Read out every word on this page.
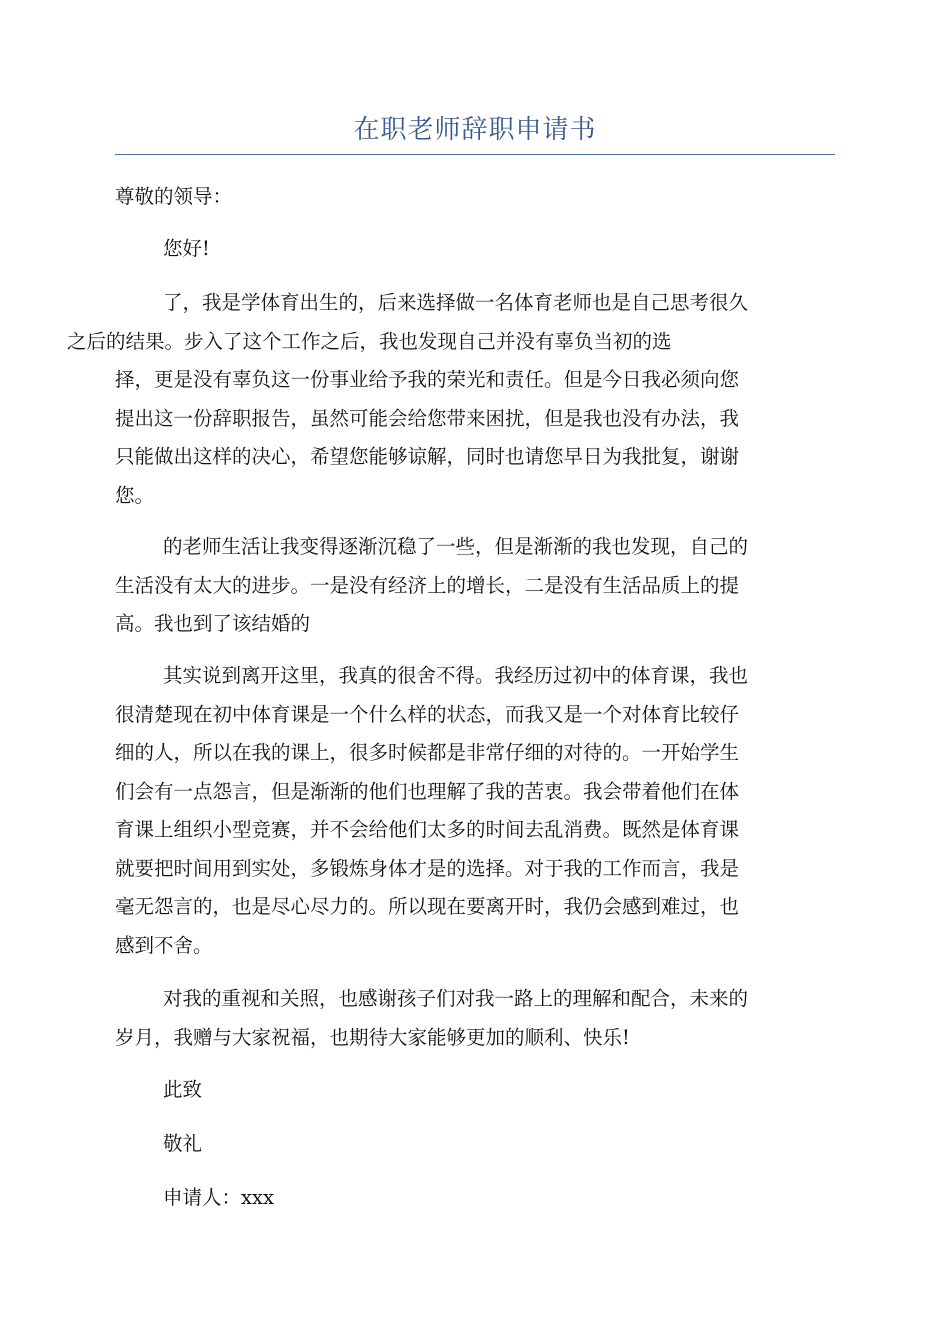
在职老师辞职申请书

尊敬的领导：

您好!

了，我是学体育出生的，后来选择做一名体育老师也是自己思考很久
之后的结果。步入了这个工作之后，我也发现自己并没有辜负当初的选
择，更是没有辜负这一份事业给予我的荣光和责任。但是今日我必须向您
提出这一份辞职报告，虽然可能会给您带来困扰，但是我也没有办法，我
只能做出这样的决心，希望您能够谅解，同时也请您早日为我批复，谢谢
您。

的老师生活让我变得逐渐沉稳了一些，但是渐渐的我也发现，自己的
生活没有太大的进步。一是没有经济上的增长，二是没有生活品质上的提
高。我也到了该结婚的

其实说到离开这里，我真的很舍不得。我经历过初中的体育课，我也
很清楚现在初中体育课是一个什么样的状态，而我又是一个对体育比较仔
细的人，所以在我的课上，很多时候都是非常仔细的对待的。一开始学生
们会有一点怨言，但是渐渐的他们也理解了我的苦衷。我会带着他们在体
育课上组织小型竞赛，并不会给他们太多的时间去乱消费。既然是体育课
就要把时间用到实处，多锻炼身体才是的选择。对于我的工作而言，我是
毫无怨言的，也是尽心尽力的。所以现在要离开时，我仍会感到难过，也
感到不舍。

对我的重视和关照，也感谢孩子们对我一路上的理解和配合，未来的
岁月，我赠与大家祝福，也期待大家能够更加的顺利、快乐!

此致

敬礼

申请人：xxx
